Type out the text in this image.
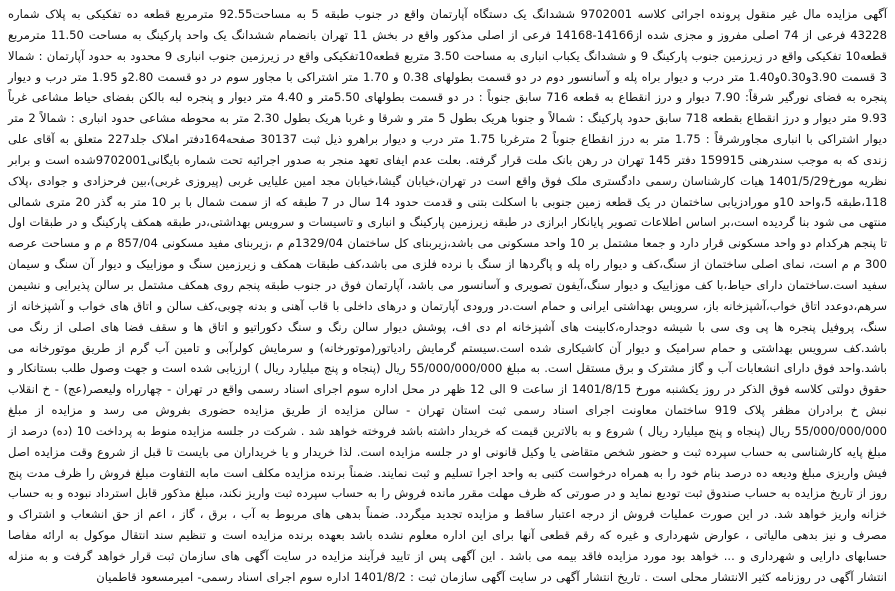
آگهی مزایده مال غیر منقول پرونده اجرائی کلاسه 9702001 ششدانگ یک دستگاه آپارتمان واقع در جنوب طبقه 5 به مساحت92.55 مترمربع قطعه ده تفکیکی به پلاک شماره 43228 فرعی از 74 اصلی مفروز و مجزی شده از14166-14168 فرعی از اصلی مذکور واقع در بخش 11 تهران بانضمام ششدانگ یک واحد پارکینگ به مساحت 11.50 مترمربع قطعه10 تفکیکی واقع در زیرزمین جنوب پارکینگ 9 و ششدانگ یکباب انباری به مساحت 3.50 متربع قطعه10تفکیکی واقع در زیرزمین جنوب انباری 9 محدود به حدود آپارتمان : شمالا 3 قسمت 3.90و0.30و1.40 متر درب و دیوار براه پله و آسانسور دوم در دو قسمت بطولهای 0.38 و 1.70 متر اشتراکی با مجاور سوم در دو قسمت 2.80و 1.95 متر درب و دیوار پنجره به فضای نورگیر شرقاً: 7.90 دیوار و درز انقطاع به قطعه 716 سابق جنوباً : در دو قسمت بطولهای 5.50متر و 4.40 متر دیوار و پنجره لبه بالکن بفضای حیاط مشاعی غرباً 9.93 متر دیوار و درز انقطاع بقطعه 718 سابق حدود پارکینگ : شمالاً و جنوبا هریک بطول 5 متر و شرقا و غربا هریک بطول 2.30 متر به محوطه مشاعی حدود انباری : شمالاً 2 متر دیوار اشتراکی با انباری مجاورشرقاً : 1.75 متر به درز انقطاع جنوباً 2 مترغربا 1.75 متر درب و دیوار براهرو ذیل ثبت 30137 صفحه164دفتر املاک جلد227 متعلق به آقای علی زندی که به موجب سندرهنی 159915 دفتر 145 تهران در رهن بانک ملت قرار گرفته. بعلت عدم ایفای تعهد منجر به صدور اجرائیه تحت شماره بایگانی9702001شده است و برابر نظریه مورخ1401/5/29 هیات کارشناسان رسمی دادگستری ملک فوق واقع است در تهران،خیابان گیشا،خیابان مجد امین علیایی غربی (پیروزی غربی)،بین فرحزادی و جوادی ،پلاک 118،طبقه 5،واحد 10و مورادزیابی ساختمان در یک قطعه زمین جنوبی با اسکلت بتنی و قدمت حدود 14 سال در 7 طبقه که از سمت شمال با بر 10 متر به گذر 20 متری شمالی منتهی می شود بنا گردیده است،بر اساس اطلاعات تصویر پایانکار ابرازی در طبقه زیرزمین پارکینگ و انباری و تاسیسات و سرویس بهداشتی،در طبقه همکف پارکینگ و در طبقات اول تا پنجم هرکدام دو واحد مسکونی قرار دارد و جمعا مشتمل بر 10 واحد مسکونی می باشد،زیربنای کل ساختمان 1329/04م م ،زیربنای مفید مسکونی 857/04 م م و مساحت عرصه 300 م م است، نمای اصلی ساختمان از سنگ،کف و دیوار راه پله و پاگردها از سنگ با نرده فلزی می باشد،کف طبقات همکف و زیرزمین سنگ و موزاییک و دیوار آن سنگ و سیمان سفید است.ساختمان دارای حیاط،با کف موزاییک و دیوار سنگ،آیفون تصویری و آسانسور می باشد، آپارتمان فوق در جنوب طبقه پنجم روی همکف مشتمل بر سالن پذیرایی و نشیمن سرهم،دوعدد اتاق خواب،آشپزخانه باز، سرویس بهداشتی ایرانی و حمام است.در ورودی آپارتمان و درهای داخلی با قاب آهنی و بدنه چوبی،کف سالن و اتاق های خواب و آشپزخانه از سنگ، پروفیل پنجره ها پی وی سی با شیشه دوجداره،کابینت های آشپزخانه ام دی اف، پوشش دیوار سالن رنگ و سنگ دکوراتیو و اتاق ها و سقف فضا های اصلی از رنگ می باشد.کف سرویس بهداشتی و حمام سرامیک و دیوار آن کاشیکاری شده است.سیستم گرمایش رادیاتور(موتورخانه) و سرمایش کولرآبی و تامین آب گرم از طریق موتورخانه می باشد.واحد فوق دارای انشعابات آب و گاز مشترک و برق مستقل است. به مبلغ 55/000/000/000 ریال (پنجاه و پنج میلیارد ریال ) ارزیابی شده است و جهت وصول طلب بستانکار و حقوق دولتی کلاسه فوق الذکر در روز یکشنبه مورخ 1401/8/15 از ساعت 9 الی 12 ظهر در محل اداره سوم اجرای اسناد رسمی واقع در تهران - چهارراه ولیعصر(عج) - خ انقلاب نبش خ برادران مظفر پلاک 919 ساختمان معاونت اجرای اسناد رسمی ثبت استان تهران - سالن مزایده از طریق مزایده حضوری بفروش می رسد و مزایده از مبلغ 55/000/000/000 ریال (پنجاه و پنج میلیارد ریال ) شروع و به بالاترین قیمت که خریدار داشته باشد فروخته خواهد شد . شرکت در جلسه مزایده منوط به پرداخت 10 (ده) درصد از مبلغ پایه کارشناسی به حساب سپرده ثبت و حضور شخص متقاضی یا وکیل قانونی او در جلسه مزایده است. لذا خریدار و یا خریداران می بایست تا قبل از شروع وقت مزایده اصل فیش واریزی مبلغ ودیعه ده درصد بنام خود را به همراه درخواست کتبی به واحد اجرا تسلیم و ثبت نمایند. ضمناً برنده مزایده مکلف است مابه التفاوت مبلغ فروش را ظرف مدت پنج روز از تاریخ مزایده به حساب صندوق ثبت توديع نماید و در صورتی که ظرف مهلت مقرر مانده فروش را به حساب سپرده ثبت واریز نکند، مبلغ مذکور قابل استرداد نبوده و به حساب خزانه واریز خواهد شد. در این صورت عملیات فروش از درجه اعتبار ساقط و مزایده تجدید میگردد. ضمناً بدهی های مربوط به آب ، برق ، گاز ، اعم از حق انشعاب و اشتراک و مصرف و نیز بدهی مالیاتی ، عوارض شهرداری و غیره که رقم قطعی آنها برای این اداره معلوم نشده باشد بعهده برنده مزایده است و تنظیم سند انتقال موکول به ارائه مفاصا حسابهای دارایی و شهرداری و ... خواهد بود مورد مزایده فاقد بیمه می باشد . این آگهی پس از تایید فرآیند مزایده در سایت آگهی های سازمان ثبت قرار خواهد گرفت و به منزله انتشار آگهی در روزنامه کثیر الانتشار محلی است . تاریخ انتشار آگهی در سایت آگهی سازمان ثبت : 1401/8/2 اداره سوم اجرای اسناد رسمی- امیرمسعود قاطمیان
